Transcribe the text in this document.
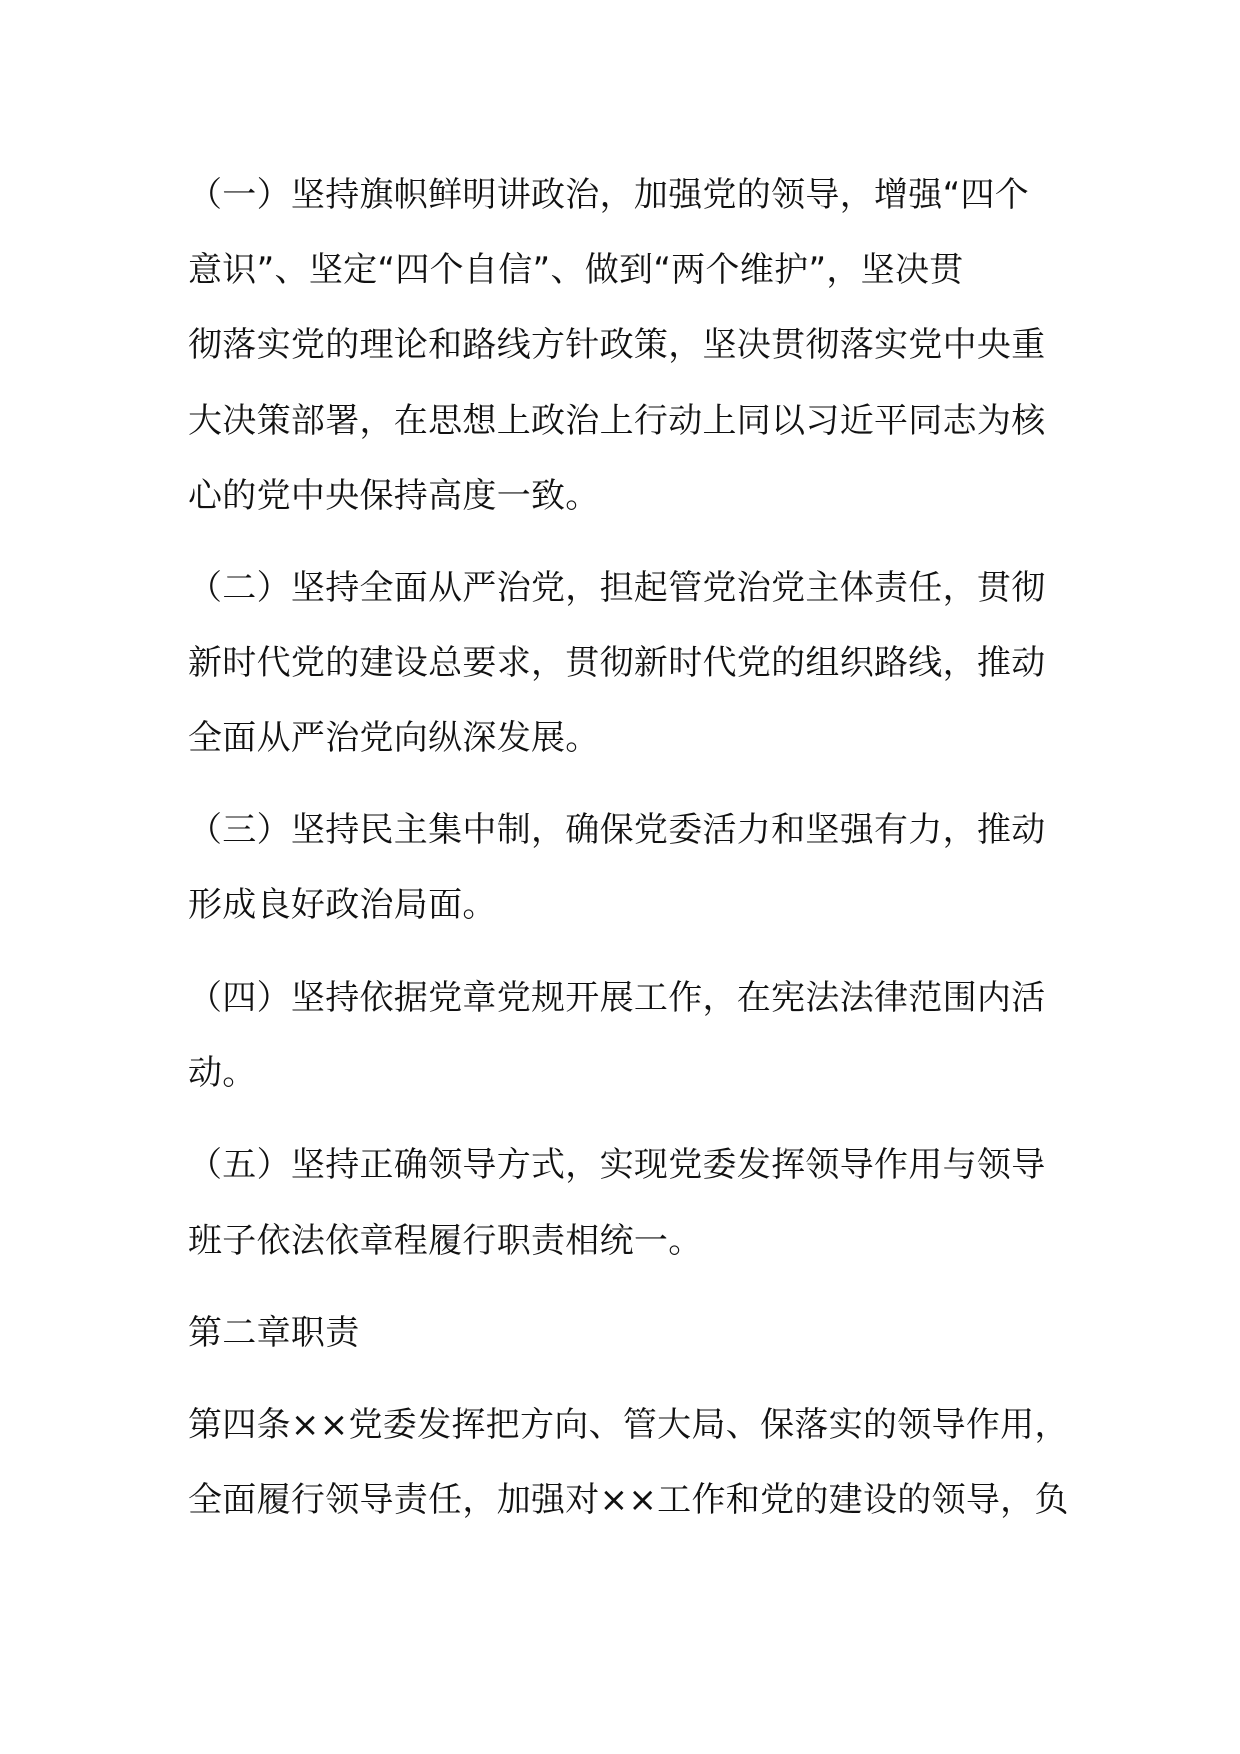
（一）坚持旗帜鲜明讲政治，加强党的领导，增强“四个

意识”、坚定“四个自信”、做到“两个维护”，坚决贯

彻落实党的理论和路线方针政策，坚决贯彻落实党中央重

大决策部署，在思想上政治上行动上同以习近平同志为核

心的党中央保持高度一致。

（二）坚持全面从严治党，担起管党治党主体责任，贯彻

新时代党的建设总要求，贯彻新时代党的组织路线，推动

全面从严治党向纵深发展。

（三）坚持民主集中制，确保党委活力和坚强有力，推动

形成良好政治局面。

（四）坚持依据党章党规开展工作，在宪法法律范围内活

动。

（五）坚持正确领导方式，实现党委发挥领导作用与领导

班子依法依章程履行职责相统一。

第二章职责

第四条××党委发挥把方向、管大局、保落实的领导作用，

全面履行领导责任，加强对××工作和党的建设的领导，负
